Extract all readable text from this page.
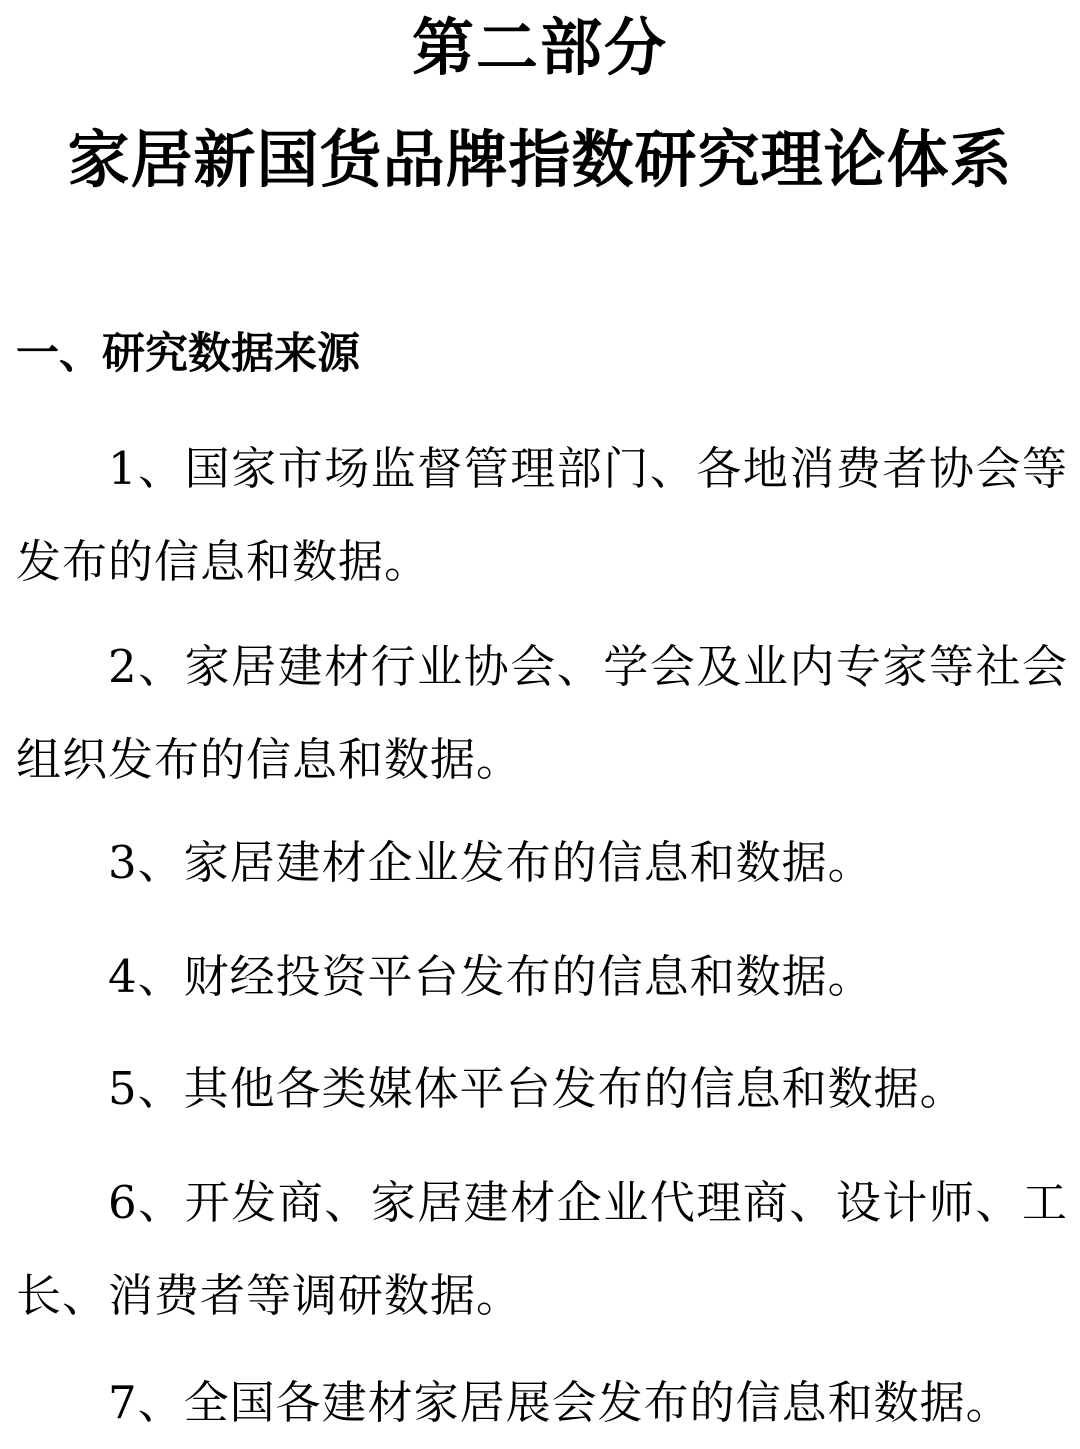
第二部分
家居新国货品牌指数研究理论体系
一、研究数据来源

1、国家市场监督管理部门、各地消费者协会等发布的信息和数据。

2、家居建材行业协会、学会及业内专家等社会组织发布的信息和数据。

3、家居建材企业发布的信息和数据。

4、财经投资平台发布的信息和数据。

5、其他各类媒体平台发布的信息和数据。

6、开发商、家居建材企业代理商、设计师、工长、消费者等调研数据。

7、全国各建材家居展会发布的信息和数据。
